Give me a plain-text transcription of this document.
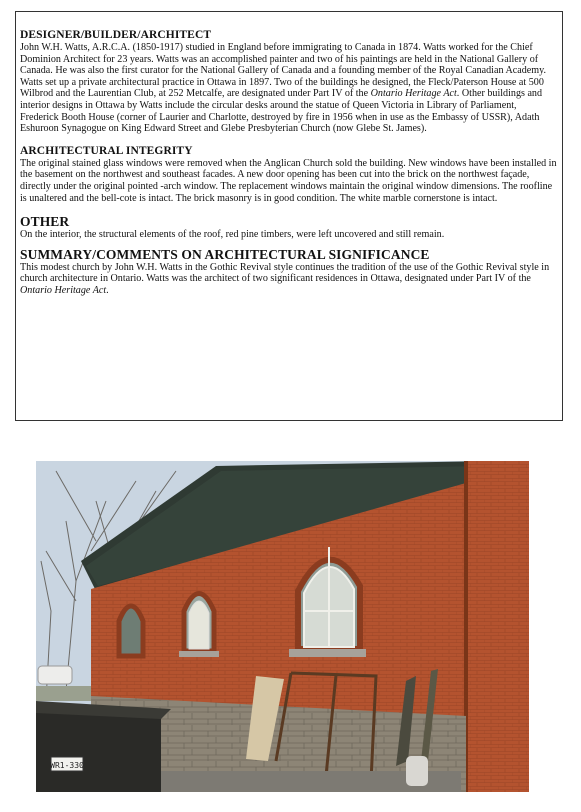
DESIGNER/BUILDER/ARCHITECT

John W.H. Watts, A.R.C.A. (1850-1917) studied in England before immigrating to Canada in 1874. Watts worked for the Chief Dominion Architect for 23 years. Watts was an accomplished painter and two of his paintings are held in the National Gallery of Canada. He was also the first curator for the National Gallery of Canada and a founding member of the Royal Canadian Academy. Watts set up a private architectural practice in Ottawa in 1897. Two of the buildings he designed, the Fleck/Paterson House at 500 Wilbrod and the Laurentian Club, at 252 Metcalfe, are designated under Part IV of the Ontario Heritage Act. Other buildings and interior designs in Ottawa by Watts include the circular desks around the statue of Queen Victoria in Library of Parliament, Frederick Booth House (corner of Laurier and Charlotte, destroyed by fire in 1956 when in use as the Embassy of USSR), Adath Eshuroon Synagogue on King Edward Street and Glebe Presbyterian Church (now Glebe St. James).

ARCHITECTURAL INTEGRITY

The original stained glass windows were removed when the Anglican Church sold the building. New windows have been installed in the basement on the northwest and southeast facades. A new door opening has been cut into the brick on the northwest façade, directly under the original pointed -arch window. The replacement windows maintain the original window dimensions. The roofline is unaltered and the bell-cote is intact. The brick masonry is in good condition. The white marble cornerstone is intact.

OTHER

On the interior, the structural elements of the roof, red pine timbers, were left uncovered and still remain.

SUMMARY/COMMENTS ON ARCHITECTURAL SIGNIFICANCE

This modest church by John W.H. Watts in the Gothic Revival style continues the tradition of the use of the Gothic Revival style in church architecture in Ontario. Watts was the architect of two significant residences in Ottawa, designated under Part IV of the Ontario Heritage Act.

WR1-330
